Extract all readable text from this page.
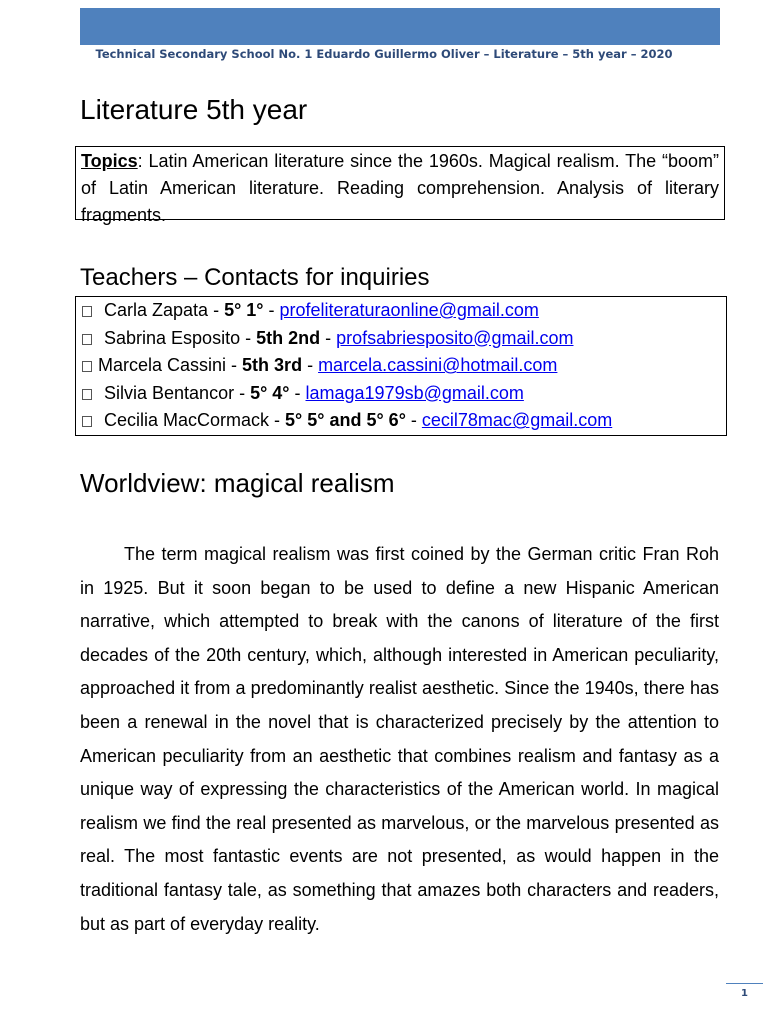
Technical Secondary School No. 1 Eduardo Guillermo Oliver – Literature – 5th year – 2020
Literature 5th year
Topics: Latin American literature since the 1960s. Magical realism. The “boom” of Latin American literature. Reading comprehension. Analysis of literary fragments.
Teachers – Contacts for inquiries
Carla Zapata - 5° 1° - profeliteraturaonline@gmail.com
Sabrina Esposito - 5th 2nd - profsabriesposito@gmail.com
Marcela Cassini - 5th 3rd - marcela.cassini@hotmail.com
Silvia Bentancor - 5° 4° - lamaga1979sb@gmail.com
Cecilia MacCormack - 5° 5° and 5° 6° - cecil78mac@gmail.com
Worldview: magical realism

The term magical realism was first coined by the German critic Fran Roh in 1925. But it soon began to be used to define a new Hispanic American narrative, which attempted to break with the canons of literature of the first decades of the 20th century, which, although interested in American peculiarity, approached it from a predominantly realist aesthetic. Since the 1940s, there has been a renewal in the novel that is characterized precisely by the attention to American peculiarity from an aesthetic that combines realism and fantasy as a unique way of expressing the characteristics of the American world. In magical realism we find the real presented as marvelous, or the marvelous presented as real. The most fantastic events are not presented, as would happen in the traditional fantasy tale, as something that amazes both characters and readers, but as part of everyday reality.

1
